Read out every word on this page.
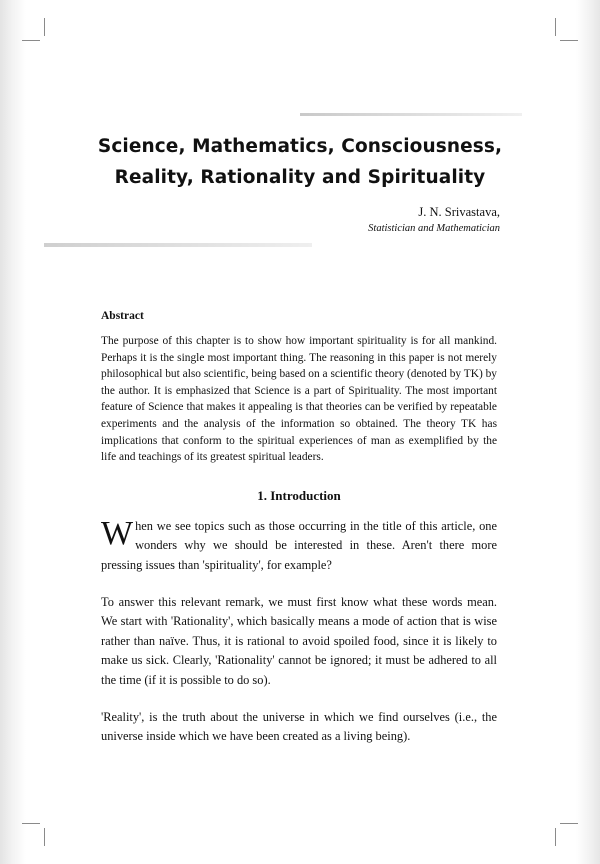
Science, Mathematics, Consciousness,
Reality, Rationality and Spirituality
J. N. Srivastava,
Statistician and Mathematician
Abstract

The purpose of this chapter is to show how important spirituality is for all mankind. Perhaps it is the single most important thing. The reasoning in this paper is not merely philosophical but also scientific, being based on a scientific theory (denoted by TK) by the author. It is emphasized that Science is a part of Spirituality. The most important feature of Science that makes it appealing is that theories can be verified by repeatable experiments and the analysis of the information so obtained. The theory TK has implications that conform to the spiritual experiences of man as exemplified by the life and teachings of its greatest spiritual leaders.

1. Introduction

When we see topics such as those occurring in the title of this article, one wonders why we should be interested in these. Aren't there more pressing issues than 'spirituality', for example?

To answer this relevant remark, we must first know what these words mean. We start with 'Rationality', which basically means a mode of action that is wise rather than naïve. Thus, it is rational to avoid spoiled food, since it is likely to make us sick. Clearly, 'Rationality' cannot be ignored; it must be adhered to all the time (if it is possible to do so).

'Reality', is the truth about the universe in which we find ourselves (i.e., the universe inside which we have been created as a living being).
